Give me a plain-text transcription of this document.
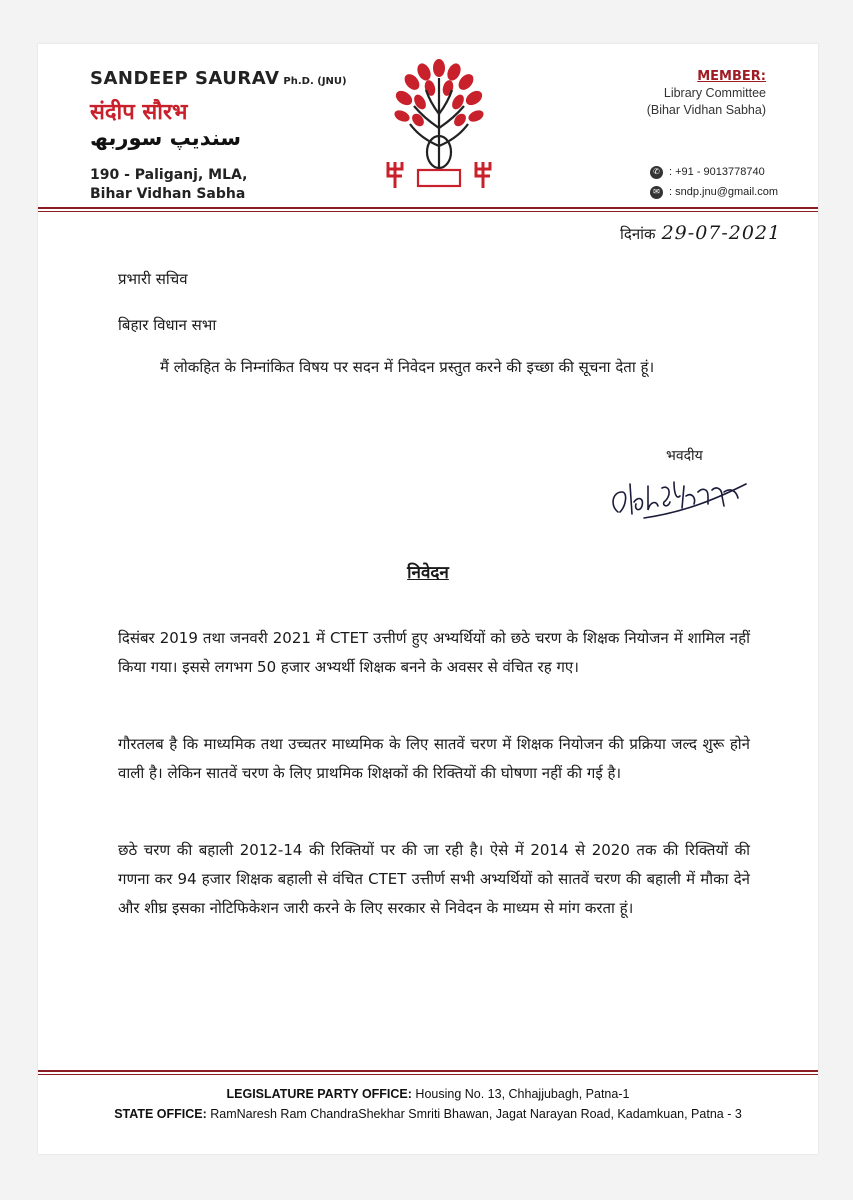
SANDEEP SAURAV Ph.D. (JNU)
संदीप सौरभ
سندیپ سوربھ
190 - Paliganj, MLA,
Bihar Vidhan Sabha
MEMBER:
Library Committee
(Bihar Vidhan Sabha)
✆ : +91 - 9013778740
✉ : sndp.jnu@gmail.com
दिनांक 29-07-2021
प्रभारी सचिव
बिहार विधान सभा
मैं लोकहित के निम्नांकित विषय पर सदन में निवेदन प्रस्तुत करने की इच्छा की सूचना देता हूं।
भवदीय
निवेदन
दिसंबर 2019 तथा जनवरी 2021 में CTET उत्तीर्ण हुए अभ्यर्थियों को छठे चरण के शिक्षक नियोजन में शामिल नहीं किया गया। इससे लगभग 50 हजार अभ्यर्थी शिक्षक बनने के अवसर से वंचित रह गए।
गौरतलब है कि माध्यमिक तथा उच्चतर माध्यमिक के लिए सातवें चरण में शिक्षक नियोजन की प्रक्रिया जल्द शुरू होने वाली है। लेकिन सातवें चरण के लिए प्राथमिक शिक्षकों की रिक्तियों की घोषणा नहीं की गई है।
छठे चरण की बहाली 2012-14 की रिक्तियों पर की जा रही है। ऐसे में 2014 से 2020 तक की रिक्तियों की गणना कर 94 हजार शिक्षक बहाली से वंचित CTET उत्तीर्ण सभी अभ्यर्थियों को सातवें चरण की बहाली में मौका देने और शीघ्र इसका नोटिफिकेशन जारी करने के लिए सरकार से निवेदन के माध्यम से मांग करता हूं।
LEGISLATURE PARTY OFFICE: Housing No. 13, Chhajjubagh, Patna-1
STATE OFFICE: RamNaresh Ram ChandraShekhar Smriti Bhawan, Jagat Narayan Road, Kadamkuan, Patna - 3
